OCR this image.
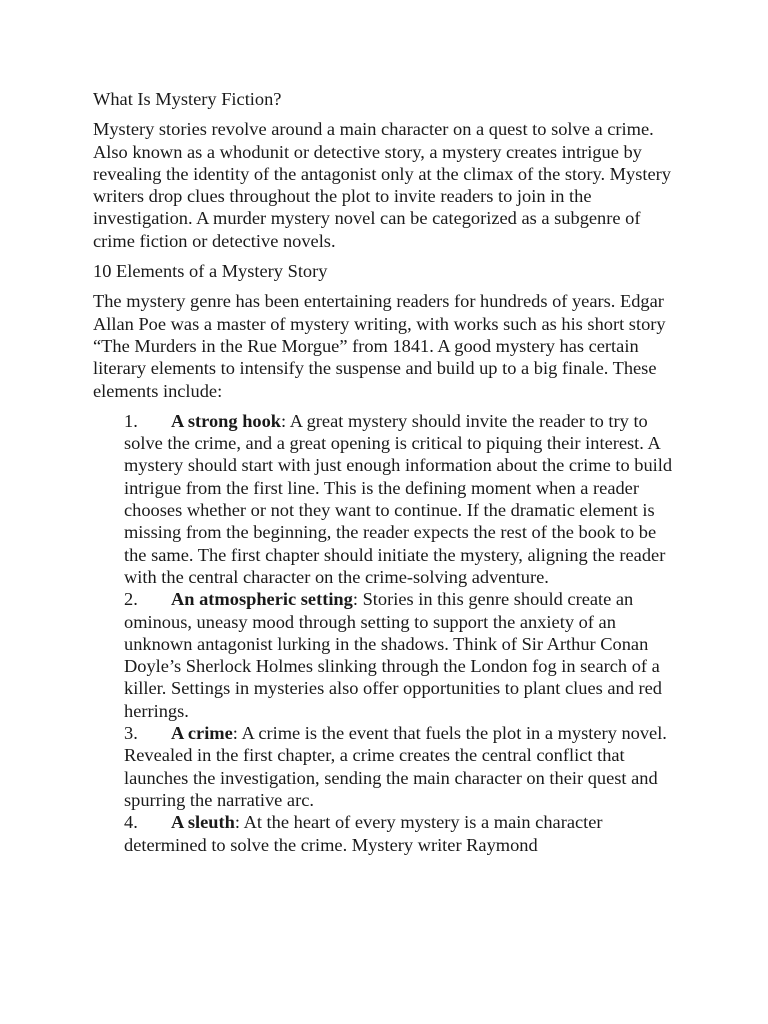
What Is Mystery Fiction?

Mystery stories revolve around a main character on a quest to solve a crime. Also known as a whodunit or detective story, a mystery creates intrigue by revealing the identity of the antagonist only at the climax of the story. Mystery writers drop clues throughout the plot to invite readers to join in the investigation. A murder mystery novel can be categorized as a subgenre of crime fiction or detective novels.

10 Elements of a Mystery Story

The mystery genre has been entertaining readers for hundreds of years. Edgar Allan Poe was a master of mystery writing, with works such as his short story “The Murders in the Rue Morgue” from 1841. A good mystery has certain literary elements to intensify the suspense and build up to a big finale. These elements include:

1. A strong hook: A great mystery should invite the reader to try to solve the crime, and a great opening is critical to piquing their interest. A mystery should start with just enough information about the crime to build intrigue from the first line. This is the defining moment when a reader chooses whether or not they want to continue. If the dramatic element is missing from the beginning, the reader expects the rest of the book to be the same. The first chapter should initiate the mystery, aligning the reader with the central character on the crime-solving adventure.
2. An atmospheric setting: Stories in this genre should create an ominous, uneasy mood through setting to support the anxiety of an unknown antagonist lurking in the shadows. Think of Sir Arthur Conan Doyle’s Sherlock Holmes slinking through the London fog in search of a killer. Settings in mysteries also offer opportunities to plant clues and red herrings.
3. A crime: A crime is the event that fuels the plot in a mystery novel. Revealed in the first chapter, a crime creates the central conflict that launches the investigation, sending the main character on their quest and spurring the narrative arc.
4. A sleuth: At the heart of every mystery is a main character determined to solve the crime. Mystery writer Raymond
